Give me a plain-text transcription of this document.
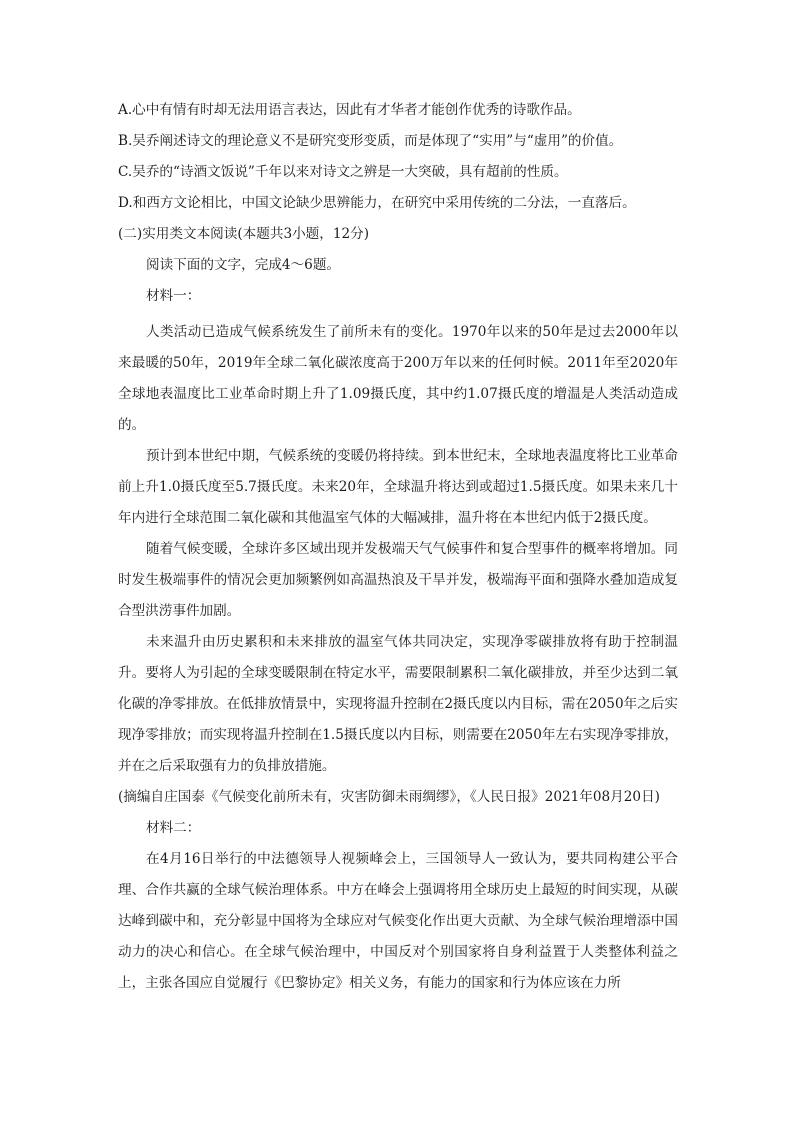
A.心中有情有时却无法用语言表达，因此有才华者才能创作优秀的诗歌作品。
B.吴乔阐述诗文的理论意义不是研究变形变质，而是体现了“实用”与“虚用”的价值。
C.吴乔的“诗酒文饭说”千年以来对诗文之辨是一大突破，具有超前的性质。
D.和西方文论相比，中国文论缺少思辨能力，在研究中采用传统的二分法，一直落后。
(二)实用类文本阅读(本题共3小题，12分)
阅读下面的文字，完成4～6题。
材料一：

人类活动已造成气候系统发生了前所未有的变化。1970年以来的50年是过去2000年以来最暖的50年，2019年全球二氧化碳浓度高于200万年以来的任何时候。2011年至2020年全球地表温度比工业革命时期上升了1.09摄氏度，其中约1.07摄氏度的增温是人类活动造成的。

预计到本世纪中期，气候系统的变暖仍将持续。到本世纪末，全球地表温度将比工业革命前上升1.0摄氏度至5.7摄氏度。未来20年，全球温升将达到或超过1.5摄氏度。如果未来几十年内进行全球范围二氧化碳和其他温室气体的大幅减排，温升将在本世纪内低于2摄氏度。

随着气候变暖，全球许多区域出现并发极端天气气候事件和复合型事件的概率将增加。同时发生极端事件的情况会更加频繁例如高温热浪及干旱并发，极端海平面和强降水叠加造成复合型洪涝事件加剧。

未来温升由历史累积和未来排放的温室气体共同决定，实现净零碳排放将有助于控制温升。要将人为引起的全球变暖限制在特定水平，需要限制累积二氧化碳排放，并至少达到二氧化碳的净零排放。在低排放情景中，实现将温升控制在2摄氏度以内目标，需在2050年之后实现净零排放；而实现将温升控制在1.5摄氏度以内目标，则需要在2050年左右实现净零排放，并在之后采取强有力的负排放措施。

(摘编自庄国泰《气候变化前所未有，灾害防御未雨绸缪》，《人民日报》2021年08月20日)
材料二：

在4月16日举行的中法德领导人视频峰会上，三国领导人一致认为，要共同构建公平合理、合作共赢的全球气候治理体系。中方在峰会上强调将用全球历史上最短的时间实现，从碳达峰到碳中和，充分彰显中国将为全球应对气候变化作出更大贡献、为全球气候治理增添中国动力的决心和信心。在全球气候治理中，中国反对个别国家将自身利益置于人类整体利益之上，主张各国应自觉履行《巴黎协定》相关义务，有能力的国家和行为体应该在力所
